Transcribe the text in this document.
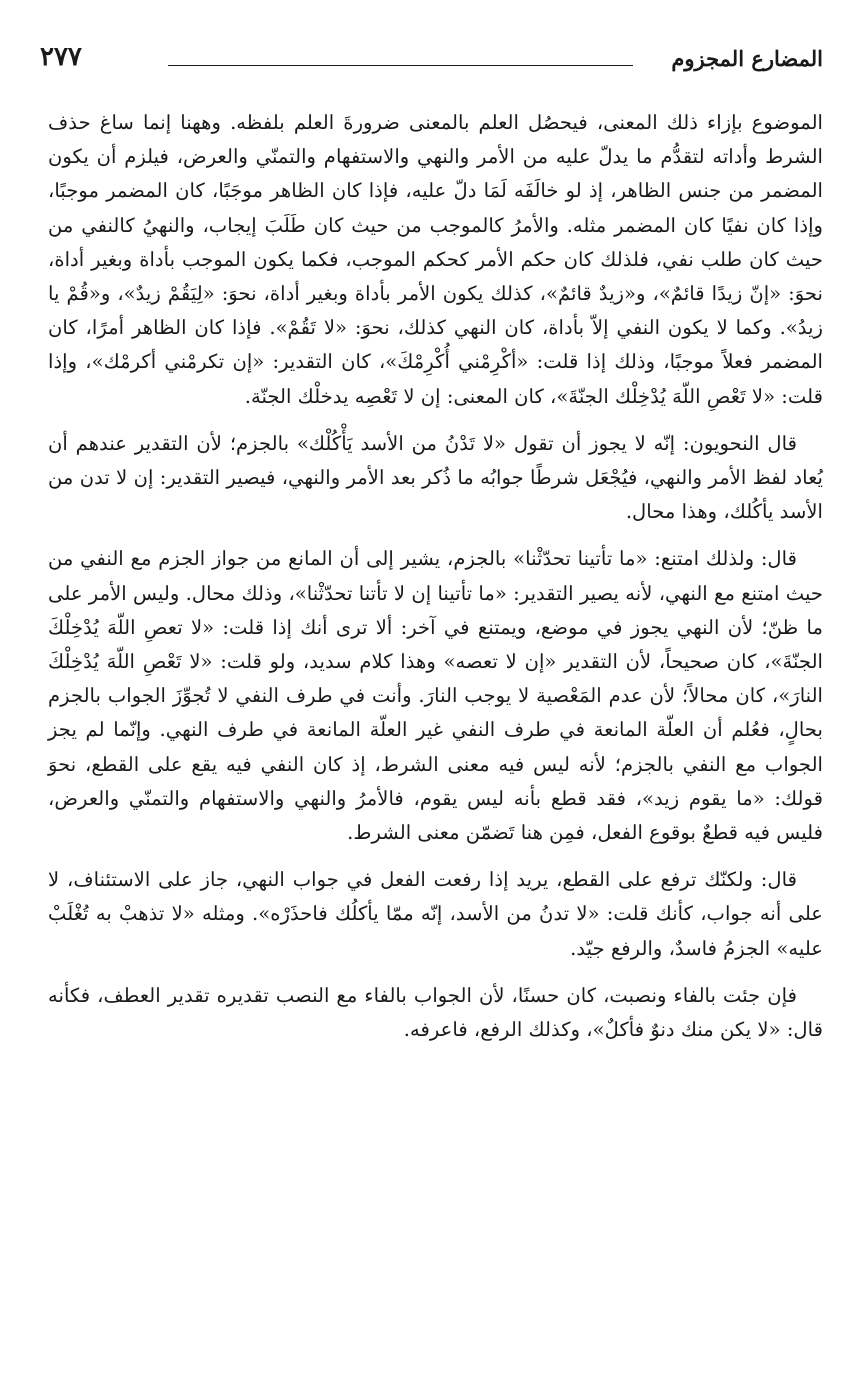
المضارع المجزوم
٢٧٧

الموضوع بإزاء ذلك المعنى، فيحصُل العلم بالمعنى ضرورةَ العلم بلفظه. وههنا إنما ساغ حذف الشرط وأداته لتقدُّم ما يدلّ عليه من الأمر والنهي والاستفهام والتمنّي والعرض، فيلزم أن يكون المضمر من جنس الظاهر، إذ لو خالَفَه لَمَا دلّ عليه، فإذا كان الظاهر موجَبًا، كان المضمر موجبًا، وإذا كان نفيًا كان المضمر مثله. والأمرُ كالموجب من حيث كان طَلَبَ إيجاب، والنهيُ كالنفي من حيث كان طلب نفي، فلذلك كان حكم الأمر كحكم الموجب، فكما يكون الموجب بأداة وبغير أداة، نحوَ: «إنّ زيدًا قائمٌ»، و«زيدٌ قائمٌ»، كذلك يكون الأمر بأداة وبغير أداة، نحوَ: «لِيَقُمْ زيدٌ»، و«قُمْ يا زيدُ». وكما لا يكون النفي إلاّ بأداة، كان النهي كذلك، نحوَ: «لا تَقُمْ». فإذا كان الظاهر أمرًا، كان المضمر فعلاً موجبًا، وذلك إذا قلت: «أكْرِمْني أُكْرِمْكَ»، كان التقدير: «إن تكرمْني أكرمْك»، وإذا قلت: «لا تَعْصِ اللّهَ يُدْخِلْك الجنّةَ»، كان المعنى: إن لا تَعْصِه يدخلْك الجنّة.

قال النحويون: إنّه لا يجوز أن تقول «لا تَدْنُ من الأسد يَأْكُلْك» بالجزم؛ لأن التقدير عندهم أن يُعاد لفظ الأمر والنهي، فيُجْعَل شرطًا جوابُه ما ذُكر بعد الأمر والنهي، فيصير التقدير: إن لا تدن من الأسد يأكُلك، وهذا محال.

قال: ولذلك امتنع: «ما تأتينا تحدّثْنا» بالجزم، يشير إلى أن المانع من جواز الجزم مع النفي من حيث امتنع مع النهي، لأنه يصير التقدير: «ما تأتينا إن لا تأتنا تحدّثْنا»، وذلك محال. وليس الأمر على ما ظنّ؛ لأن النهي يجوز في موضع، ويمتنع في آخر: ألا ترى أنك إذا قلت: «لا تعصِ اللّهَ يُدْخِلْكَ الجنّةَ»، كان صحيحاً، لأن التقدير «إن لا تعصه» وهذا كلام سديد، ولو قلت: «لا تَعْصِ اللّهَ يُدْخِلْكَ النارَ»، كان محالاً؛ لأن عدم المَعْصية لا يوجب النارَ. وأنت في طرف النفي لا تُجوِّزَ الجواب بالجزم بحالٍ، فعُلم أن العلّة المانعة في طرف النفي غير العلّة المانعة في طرف النهي. وإنّما لم يجز الجواب مع النفي بالجزم؛ لأنه ليس فيه معنى الشرط، إذ كان النفي فيه يقع على القطع، نحوَ قولك: «ما يقوم زيد»، فقد قطع بأنه ليس يقوم، فالأمرُ والنهي والاستفهام والتمنّي والعرض، فليس فيه قطعٌ بوقوع الفعل، فمِن هنا تَضمّن معنى الشرط.

قال: ولكنّك ترفع على القطع، يريد إذا رفعت الفعل في جواب النهي، جاز على الاستئناف، لا على أنه جواب، كأنك قلت: «لا تدنُ من الأسد، إنّه ممّا يأكلُك فاحذَرْه». ومثله «لا تذهبْ به تُغْلَبْ عليه» الجزمُ فاسدٌ، والرفع جيّد.

فإن جئت بالفاء ونصبت، كان حسنًا، لأن الجواب بالفاء مع النصب تقديره تقدير العطف، فكأنه قال: «لا يكن منك دنوٌ فأكلٌ»، وكذلك الرفع، فاعرفه.
